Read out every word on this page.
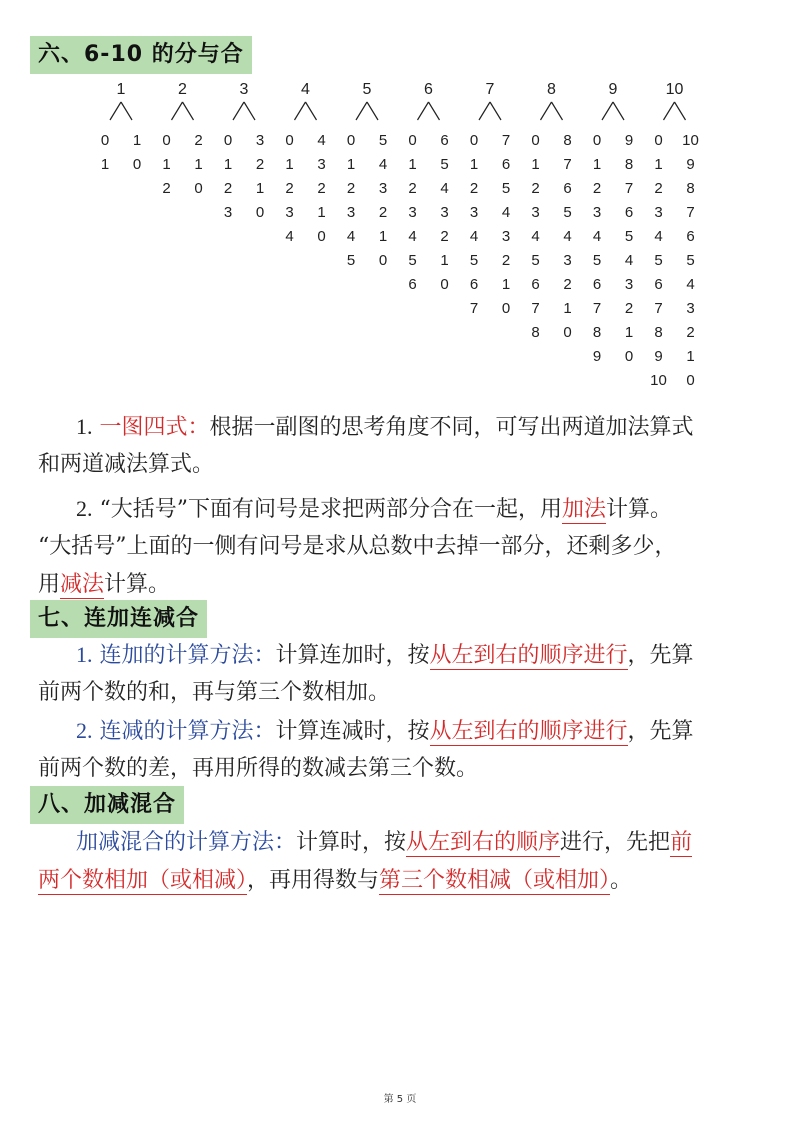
六、6-10 的分与合
1
0 1
1 0
2
0 2
1 1
2 0
3
0 3
1 2
2 1
3 0
4
0 4
1 3
2 2
3 1
4 0
5
0 5
1 4
2 3
3 2
4 1
5 0
6
0 6
1 5
2 4
3 3
4 2
5 1
6 0
7
0 7
1 6
2 5
3 4
4 3
5 2
6 1
7 0
8
0 8
1 7
2 6
3 5
4 4
5 3
6 2
7 1
8 0
9
0 9
1 8
2 7
3 6
4 5
5 4
6 3
7 2
8 1
9 0
10
0 10
1 9
2 8
3 7
4 6
5 5
6 4
7 3
8 2
9 1
10 0
1. 一图四式：根据一副图的思考角度不同，可写出两道加法算式
和两道减法算式。
2. “大括号”下面有问号是求把两部分合在一起，用加法计算。
“大括号”上面的一侧有问号是求从总数中去掉一部分，还剩多少，
用减法计算。
七、连加连减合
1. 连加的计算方法：计算连加时，按从左到右的顺序进行，先算
前两个数的和，再与第三个数相加。
2. 连减的计算方法：计算连减时，按从左到右的顺序进行，先算
前两个数的差，再用所得的数减去第三个数。
八、加减混合
加减混合的计算方法：计算时，按从左到右的顺序进行，先把前
两个数相加（或相减），再用得数与第三个数相减（或相加）。
第 5 页
